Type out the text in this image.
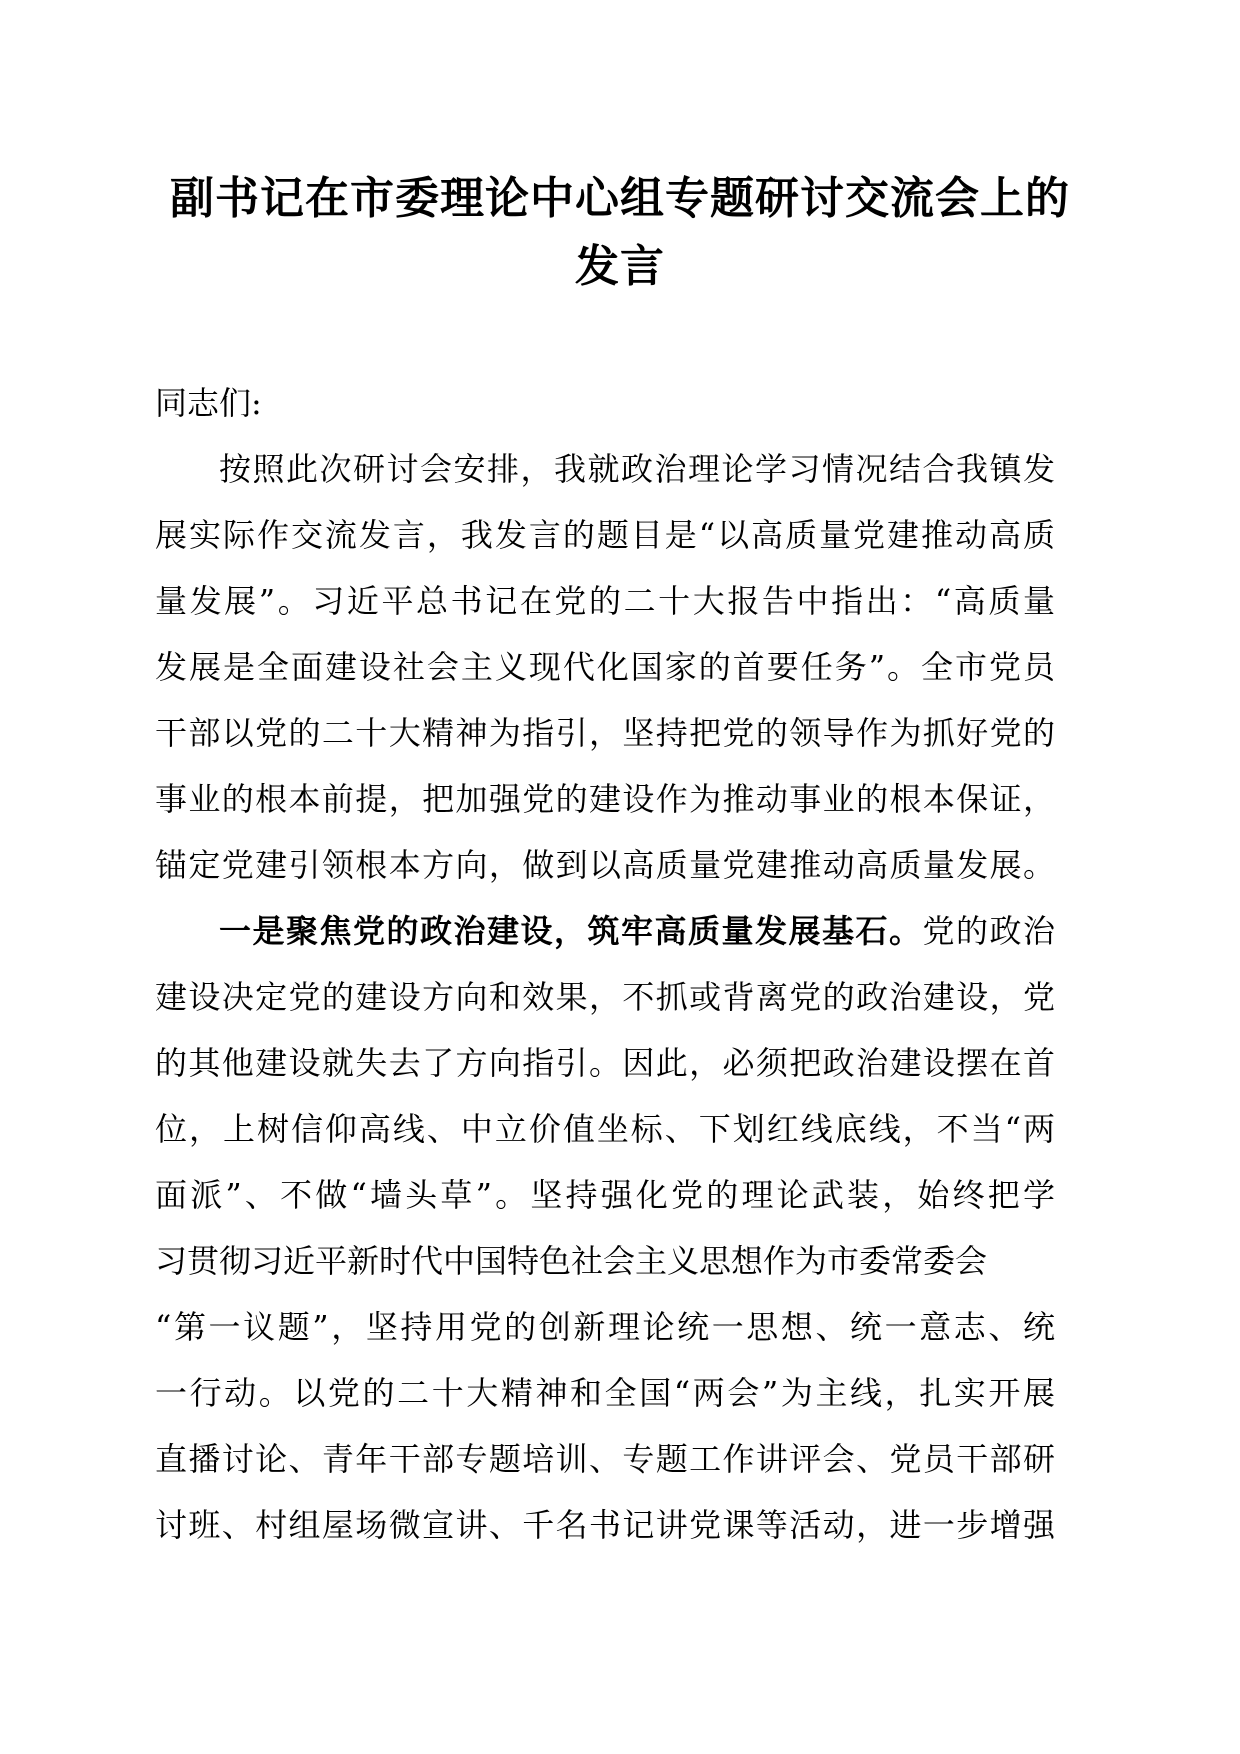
副书记在市委理论中心组专题研讨交流会上的
发言
同志们:
按照此次研讨会安排，我就政治理论学习情况结合我镇发
展实际作交流发言，我发言的题目是“以高质量党建推动高质
量发展”。习近平总书记在党的二十大报告中指出：“高质量
发展是全面建设社会主义现代化国家的首要任务”。全市党员
干部以党的二十大精神为指引，坚持把党的领导作为抓好党的
事业的根本前提，把加强党的建设作为推动事业的根本保证，
锚定党建引领根本方向，做到以高质量党建推动高质量发展。
一是聚焦党的政治建设，筑牢高质量发展基石。党的政治
建设决定党的建设方向和效果，不抓或背离党的政治建设，党
的其他建设就失去了方向指引。因此，必须把政治建设摆在首
位，上树信仰高线、中立价值坐标、下划红线底线，不当“两
面派”、不做“墙头草”。坚持强化党的理论武装，始终把学
习贯彻习近平新时代中国特色社会主义思想作为市委常委会
“第一议题”，坚持用党的创新理论统一思想、统一意志、统
一行动。以党的二十大精神和全国“两会”为主线，扎实开展
直播讨论、青年干部专题培训、专题工作讲评会、党员干部研
讨班、村组屋场微宣讲、千名书记讲党课等活动，进一步增强
